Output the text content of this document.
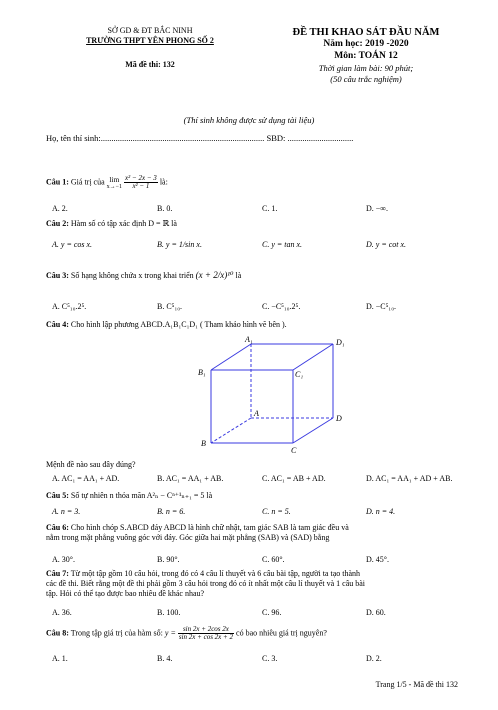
SỞ GD & ĐT BẮC NINH
TRƯỜNG THPT YÊN PHONG SỐ 2
Mã đề thi: 132
ĐỀ THI KHAO SÁT ĐẦU NĂM
Năm học: 2019 -2020
Môn: TOÁN 12
Thời gian làm bài: 90 phút;
(50 câu trắc nghiệm)
(Thí sinh không được sử dụng tài liệu)
Họ, tên thí sinh:............................................................................. SBD: ...............................
Câu 1: Giá trị của lim
x→−1
$\frac{\text{x² − 2x − 3}}{\text{x² − 1}}$ là:
A. 2.	B. 0.	C. 1.	D. −∞.
Câu 2: Hàm số có tập xác định D = ℝ là
A. y = cos x.	B. y = 1/sin x.	C. y = tan x.	D. y = cot x.
Câu 3: Số hạng không chứa x trong khai triển (x + 2/x)¹⁰ là
A. C⁵₁₀.2⁵.	B. C⁵₁₀.	C. −C⁵₁₀.2⁵.	D. −C⁵₁₀.
Câu 4: Cho hình lập phương ABCD.A₁B₁C₁D₁ ( Tham khảo hình vẽ bên ).
A₁	D₁
B₁	C₁
A
D
B
C
Mệnh đề nào sau đây đúng?
A. AC₁ = AA₁ + AD.	B. AC₁ = AA₁ + AB.	C. AC₁ = AB + AD.	D. AC₁ = AA₁ + AD + AB.
Câu 5: Số tự nhiên n thỏa mãn A²ₙ − Cⁿ⁺¹ₙ₊₁ = 5 là
A. n = 3.	B. n = 6.	C. n = 5.	D. n = 4.
Câu 6: Cho hình chóp S.ABCD đáy ABCD là hình chữ nhật, tam giác SAB là tam giác đều và
nằm trong mặt phẳng vuông góc với đáy. Góc giữa hai mặt phẳng (SAB) và (SAD) bằng
A. 30°.	B. 90°.	C. 60°.	D. 45°.
Câu 7: Từ một tập gồm 10 câu hỏi, trong đó có 4 câu lí thuyết và 6 câu bài tập, người ta tạo thành
các đề thi. Biết rằng một đề thi phải gồm 3 câu hỏi trong đó có ít nhất một câu lí thuyết và 1 câu bài
tập. Hỏi có thể tạo được bao nhiêu đề khác nhau?
A. 36.	B. 100.	C. 96.	D. 60.
Câu 8: Trong tập giá trị của hàm số: $y = \frac{\sin 2x + 2\cos 2x}{\sin 2x + \cos 2x + 2}$ có bao nhiêu giá trị nguyên?
A. 1.	B. 4.	C. 3.	D. 2.
Trang 1/5 - Mã đề thi 132
